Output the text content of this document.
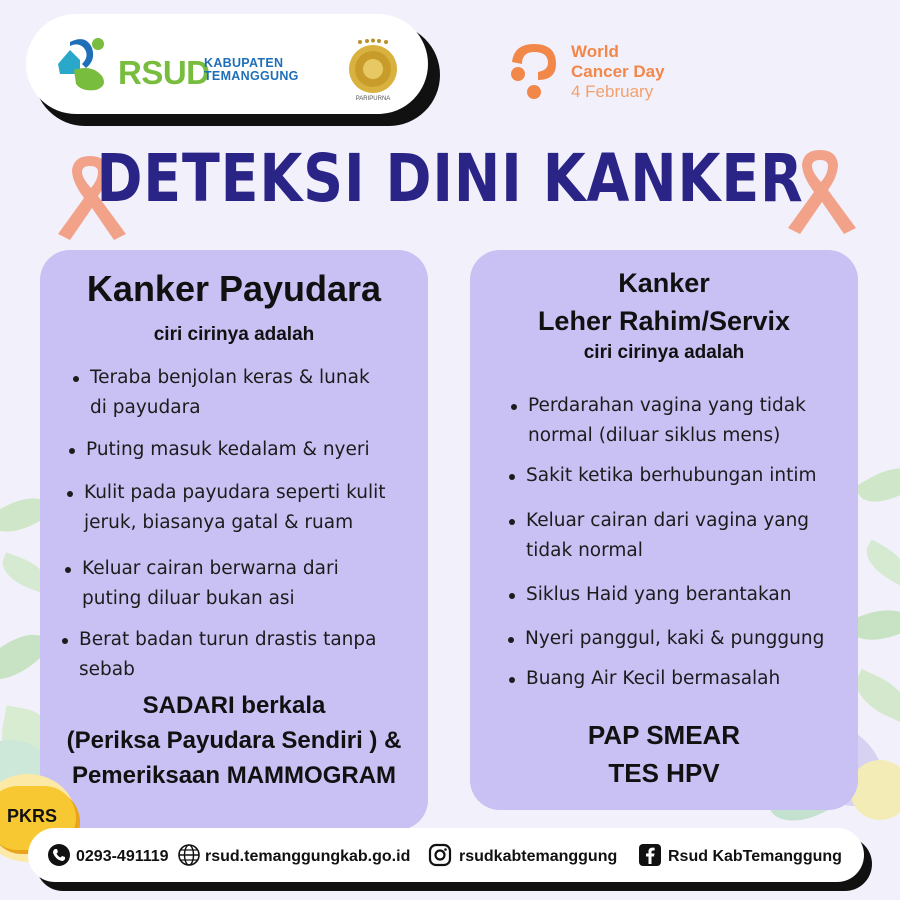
RSUD
KABUPATEN
TEMANGGUNG
PARIPURNA
World
Cancer Day
4 February
DETEKSI DINI KANKER
Kanker Payudara
ciri cirinya adalah
Teraba benjolan keras & lunak
di payudara
Puting masuk kedalam & nyeri
Kulit pada payudara seperti kulit
jeruk, biasanya gatal & ruam
Keluar cairan berwarna dari
puting diluar bukan asi
Berat badan turun drastis tanpa
sebab
SADARI berkala
(Periksa Payudara Sendiri ) &
Pemeriksaan MAMMOGRAM
Kanker
Leher Rahim/Servix
ciri cirinya adalah
Perdarahan vagina yang tidak
normal (diluar siklus mens)
Sakit ketika berhubungan intim
Keluar cairan dari vagina yang
tidak normal
Siklus Haid yang berantakan
Nyeri panggul, kaki & punggung
Buang Air Kecil bermasalah
PAP SMEAR
TES HPV
PKRS
0293-491119 rsud.temanggungkab.go.id	rsudkabtemanggung	Rsud KabTemanggung
